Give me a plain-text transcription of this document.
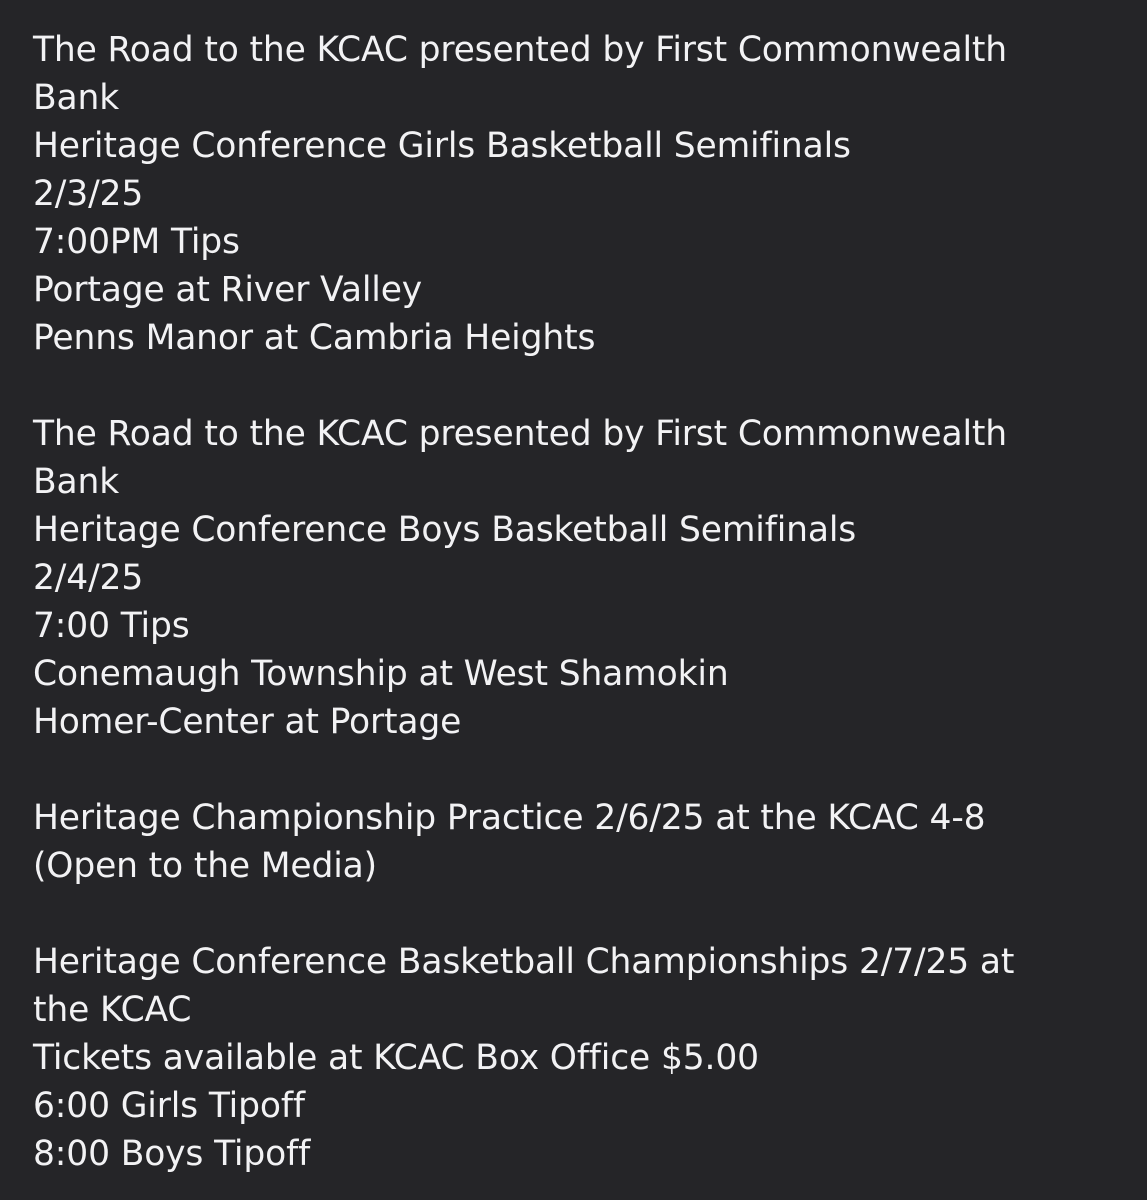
The Road to the KCAC presented by First Commonwealth
Bank
Heritage Conference Girls Basketball Semifinals
2/3/25
7:00PM Tips
Portage at River Valley
Penns Manor at Cambria Heights
The Road to the KCAC presented by First Commonwealth
Bank
Heritage Conference Boys Basketball Semifinals
2/4/25
7:00 Tips
Conemaugh Township at West Shamokin
Homer-Center at Portage
Heritage Championship Practice 2/6/25 at the KCAC 4-8
(Open to the Media)
Heritage Conference Basketball Championships 2/7/25 at
the KCAC
Tickets available at KCAC Box Office $5.00
6:00 Girls Tipoff
8:00 Boys Tipoff
